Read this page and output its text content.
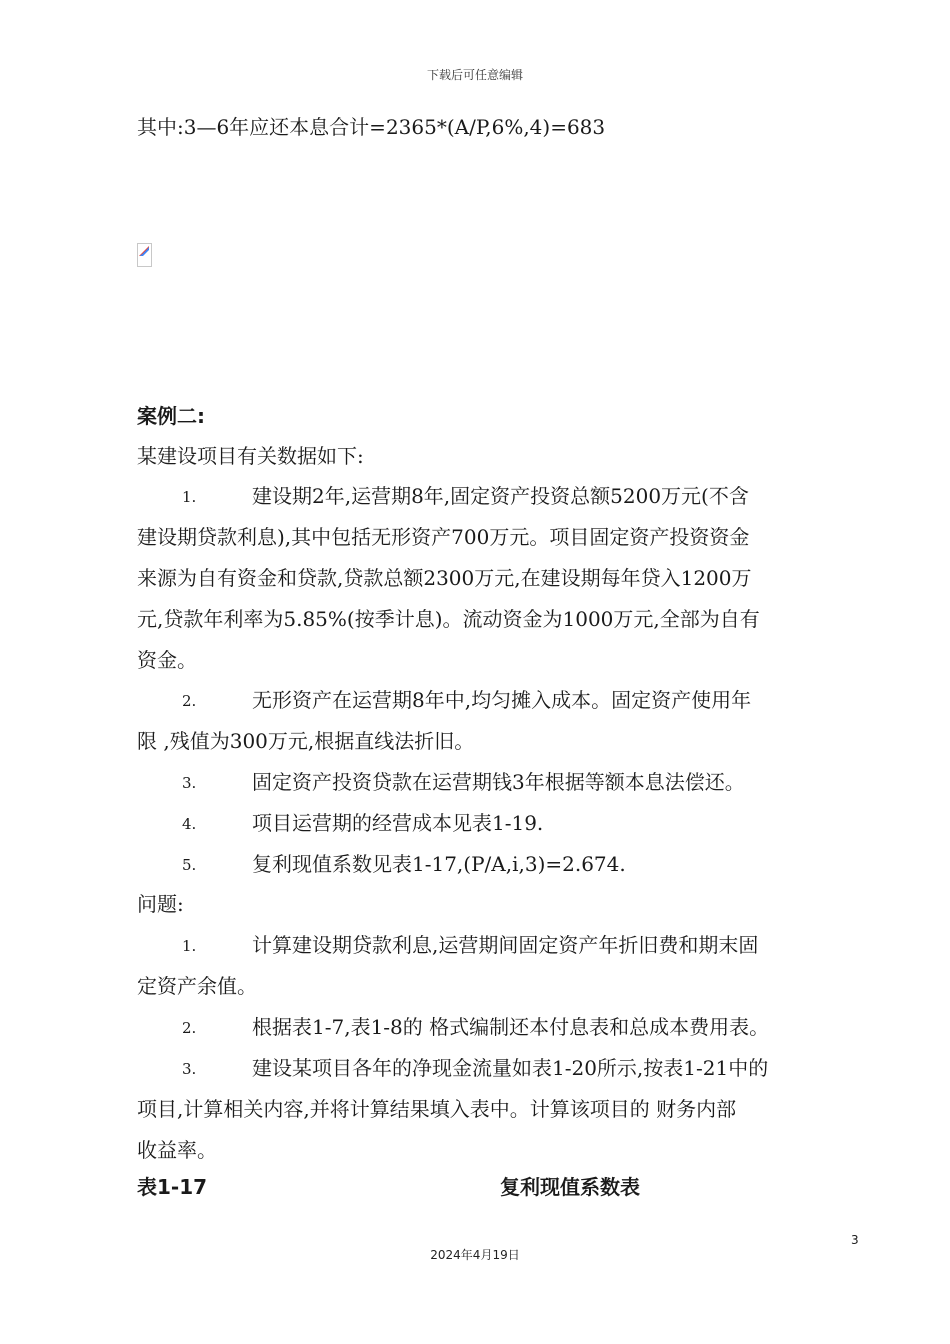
下载后可任意编辑
其中:3—6年应还本息合计=2365*(A/P,6%,4)=683
案例二:
某建设项目有关数据如下:
1.	建设期2年,运营期8年,固定资产投资总额5200万元(不含
建设期贷款利息),其中包括无形资产700万元。项目固定资产投资资金
来源为自有资金和贷款,贷款总额2300万元,在建设期每年贷入1200万
元,贷款年利率为5.85%(按季计息)。流动资金为1000万元,全部为自有
资金。
2.	无形资产在运营期8年中,均匀摊入成本。固定资产使用年
限 ,残值为300万元,根据直线法折旧。
3.	固定资产投资贷款在运营期钱3年根据等额本息法偿还。
4.	项目运营期的经营成本见表1-19.
5.	复利现值系数见表1-17,(P/A,i,3)=2.674.
问题:
1.	计算建设期贷款利息,运营期间固定资产年折旧费和期末固
定资产余值。
2.	根据表1-7,表1-8的 格式编制还本付息表和总成本费用表。
3.	建设某项目各年的净现金流量如表1-20所示,按表1-21中的
项目,计算相关内容,并将计算结果填入表中。计算该项目的 财务内部
收益率。
表1-17	复利现值系数表
3
2024年4月19日
